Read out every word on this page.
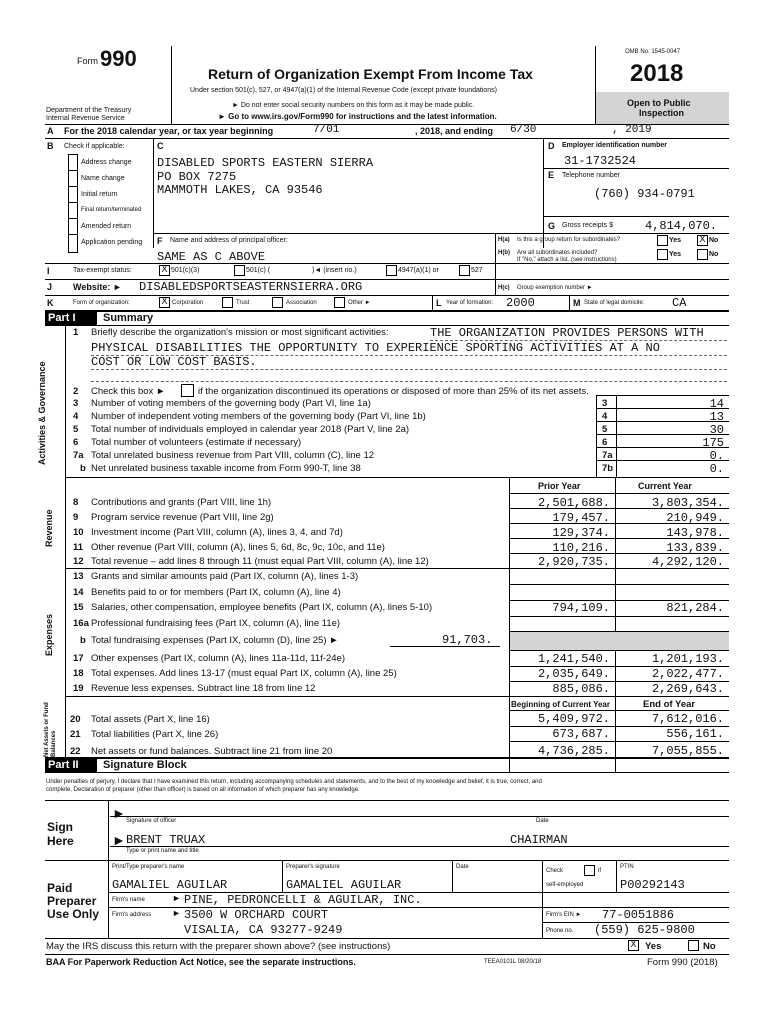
Form 990
Department of the Treasury
Internal Revenue Service
Return of Organization Exempt From Income Tax
Under section 501(c), 527, or 4947(a)(1) of the Internal Revenue Code (except private foundations)
► Do not enter social security numbers on this form as it may be made public.
► Go to www.irs.gov/Form990 for instructions and the latest information.
OMB No. 1545-0047
2018
Open to Public
Inspection
A For the 2018 calendar year, or tax year beginning	7/01	, 2018, and ending 6/30	, 2019
B Check if applicable:
Address change
Name change
Initial return
Final return/terminated
Amended return
Application pending
C
DISABLED SPORTS EASTERN SIERRA
PO BOX 7275
MAMMOTH LAKES, CA 93546
D Employer identification number
31-1732524
E Telephone number
(760) 934-0791
G Gross receipts $	4,814,070.
F Name and address of principal officer:
SAME AS C ABOVE
H(a) Is this a group return for subordinates?	Yes X No
H(b) Are all subordinates included?
If "No," attach a list. (see instructions)
Yes	No
I	Tax-exempt status:	X 501(c)(3)	501(c) (	)◄ (insert no.)	4947(a)(1) or	527
J Website: ► DISABLEDSPORTSEASTERNSIERRA.ORG	H(c) Group exemption number ►
K	Form of organization:	X Corporation	Trust	Association	Other ►	L Year of formation: 2000	M State of legal domicile: CA
Part I Summary
Activities & Governance
Revenue
Expenses
Net Assets or Fund Balances
1 Briefly describe the organization's mission or most significant activities:	THE ORGANIZATION PROVIDES PERSONS WITH
PHYSICAL DISABILITIES THE OPPORTUNITY TO EXPERIENCE SPORTING ACTIVITIES AT A NO
COST OR LOW COST BASIS.
2 Check this box ►	if the organization discontinued its operations or disposed of more than 25% of its net assets.
3 Number of voting members of the governing body (Part VI, line 1a)	3	14
4 Number of independent voting members of the governing body (Part VI, line 1b)	4	13
5 Total number of individuals employed in calendar year 2018 (Part V, line 2a)	5	30
6 Total number of volunteers (estimate if necessary)	6	175
7a Total unrelated business revenue from Part VIII, column (C), line 12	7a	0.
b Net unrelated business taxable income from Form 990-T, line 38	7b	0.
Prior Year	Current Year
8 Contributions and grants (Part VIII, line 1h)	2,501,688.	3,803,354.
9 Program service revenue (Part VIII, line 2g)	179,457.	210,949.
10 Investment income (Part VIII, column (A), lines 3, 4, and 7d)	129,374.	143,978.
11 Other revenue (Part VIII, column (A), lines 5, 6d, 8c, 9c, 10c, and 11e)	110,216.	133,839.
12 Total revenue – add lines 8 through 11 (must equal Part VIII, column (A), line 12)	2,920,735.	4,292,120.
13 Grants and similar amounts paid (Part IX, column (A), lines 1-3)
14 Benefits paid to or for members (Part IX, column (A), line 4)
15 Salaries, other compensation, employee benefits (Part IX, column (A), lines 5-10)	794,109.	821,284.
16a Professional fundraising fees (Part IX, column (A), line 11e)
b Total fundraising expenses (Part IX, column (D), line 25) ►	91,703.
17 Other expenses (Part IX, column (A), lines 11a-11d, 11f-24e)	1,241,540.	1,201,193.
18 Total expenses. Add lines 13-17 (must equal Part IX, column (A), line 25)	2,035,649.	2,022,477.
19 Revenue less expenses. Subtract line 18 from line 12	885,086.	2,269,643.
Beginning of Current Year	End of Year
20 Total assets (Part X, line 16)	5,409,972.	7,612,016.
21 Total liabilities (Part X, line 26)	673,687.	556,161.
22 Net assets or fund balances. Subtract line 21 from line 20	4,736,285.	7,055,855.
Part II Signature Block
Under penalties of perjury, I declare that I have examined this return, including accompanying schedules and statements, and to the best of my knowledge and belief, it is true, correct, and
complete. Declaration of preparer (other than officer) is based on all information of which preparer has any knowledge.
Sign
Here
► Signature of officer	Date
► BRENT TRUAX	CHAIRMAN
Type or print name and title
Paid
Preparer
Use Only
Print/Type preparer's name	Preparer's signature	Date
Check	if
self-employed
PTIN
GAMALIEL AGUILAR	GAMALIEL AGUILAR	P00292143
Firm's name	► PINE, PEDRONCELLI & AGUILAR, INC.
Firm's address ► 3500 W ORCHARD COURT
VISALIA, CA 93277-9249
Firm's EIN ► 77-0051886
Phone no. (559) 625-9800
May the IRS discuss this return with the preparer shown above? (see instructions)	X Yes	No
BAA For Paperwork Reduction Act Notice, see the separate instructions.	TEEA0101L 08/20/18	Form 990 (2018)
